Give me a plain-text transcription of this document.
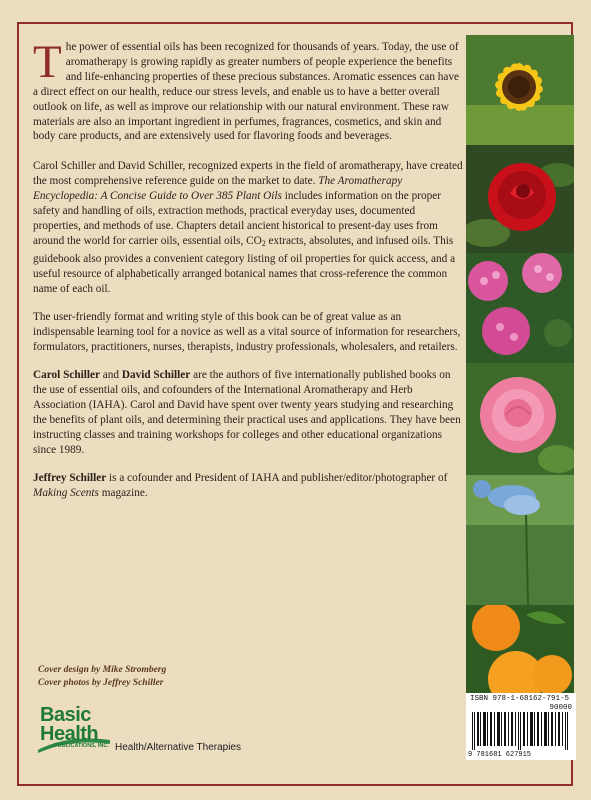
The power of essential oils has been recognized for thousands of years. Today, the use of aromatherapy is growing rapidly as greater numbers of people experience the benefits and life-enhancing properties of these precious substances. Aromatic essences can have a direct effect on our health, reduce our stress levels, and enable us to have a better overall outlook on life, as well as improve our relationship with our natural environment. These raw materials are also an important ingredient in perfumes, fragrances, cosmetics, and skin and body care products, and are extensively used for flavoring foods and beverages.

Carol Schiller and David Schiller, recognized experts in the field of aromatherapy, have created the most comprehensive reference guide on the market to date. The Aromatherapy Encyclopedia: A Concise Guide to Over 385 Plant Oils includes information on the proper safety and handling of oils, extraction methods, practical everyday uses, documented properties, and methods of use. Chapters detail ancient historical to present-day uses from around the world for carrier oils, essential oils, $CO_2$ extracts, absolutes, and infused oils. This guidebook also provides a convenient category listing of oil properties for quick access, and a useful resource of alphabetically arranged botanical names that cross-reference the common name of each oil.

The user-friendly format and writing style of this book can be of great value as an indispensable learning tool for a novice as well as a vital source of information for researchers, formulators, practitioners, nurses, therapists, industry professionals, wholesalers, and retailers.

Carol Schiller and David Schiller are the authors of five internationally published books on the use of essential oils, and cofounders of the International Aromatherapy and Herb Association (IAHA). Carol and David have spent over twenty years studying and researching the benefits of plant oils, and determining their practical uses and applications. They have been instructing classes and training workshops for colleges and other educational organizations since 1989.

Jeffrey Schiller is a cofounder and President of IAHA and publisher/editor/photographer of Making Scents magazine.

Cover design by Mike Stromberg
Cover photos by Jeffrey Schiller
Basic
Health
PUBLICATIONS, INC. Health/Alternative Therapies
ISBN 978-1-68162-791-5
90000
9 781681 627915
